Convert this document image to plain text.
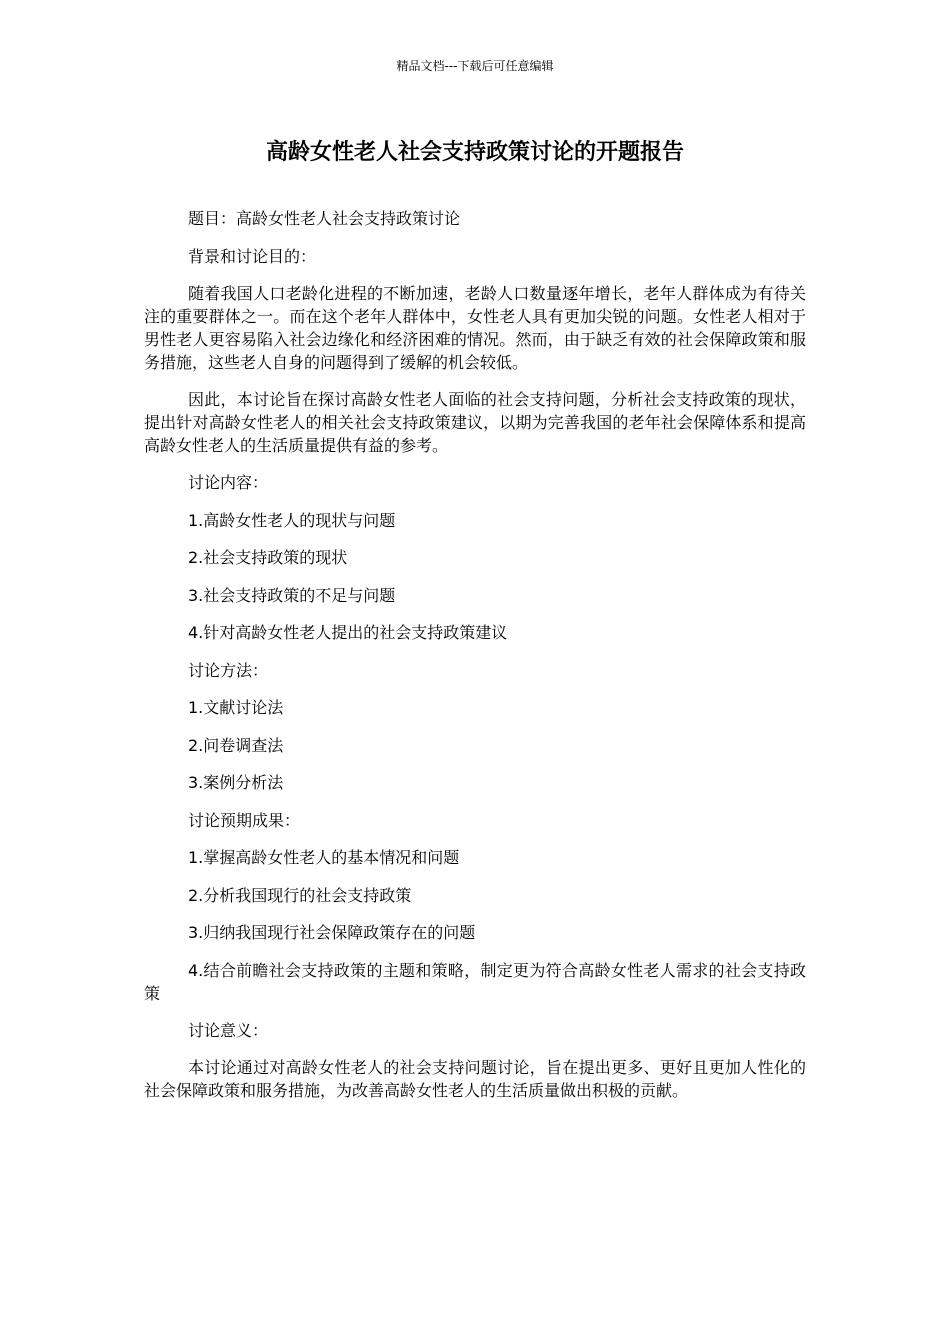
精品文档---下载后可任意编辑
高龄女性老人社会支持政策讨论的开题报告

题目：高龄女性老人社会支持政策讨论

背景和讨论目的：

随着我国人口老龄化进程的不断加速，老龄人口数量逐年增长，老年人群体成为有待关注的重要群体之一。而在这个老年人群体中，女性老人具有更加尖锐的问题。女性老人相对于男性老人更容易陷入社会边缘化和经济困难的情况。然而，由于缺乏有效的社会保障政策和服务措施，这些老人自身的问题得到了缓解的机会较低。

因此，本讨论旨在探讨高龄女性老人面临的社会支持问题，分析社会支持政策的现状，提出针对高龄女性老人的相关社会支持政策建议，以期为完善我国的老年社会保障体系和提高高龄女性老人的生活质量提供有益的参考。

讨论内容：

1.高龄女性老人的现状与问题

2.社会支持政策的现状

3.社会支持政策的不足与问题

4.针对高龄女性老人提出的社会支持政策建议

讨论方法：

1.文献讨论法

2.问卷调查法

3.案例分析法

讨论预期成果：

1.掌握高龄女性老人的基本情况和问题

2.分析我国现行的社会支持政策

3.归纳我国现行社会保障政策存在的问题

4.结合前瞻社会支持政策的主题和策略，制定更为符合高龄女性老人需求的社会支持政策

讨论意义：

本讨论通过对高龄女性老人的社会支持问题讨论，旨在提出更多、更好且更加人性化的社会保障政策和服务措施，为改善高龄女性老人的生活质量做出积极的贡献。
